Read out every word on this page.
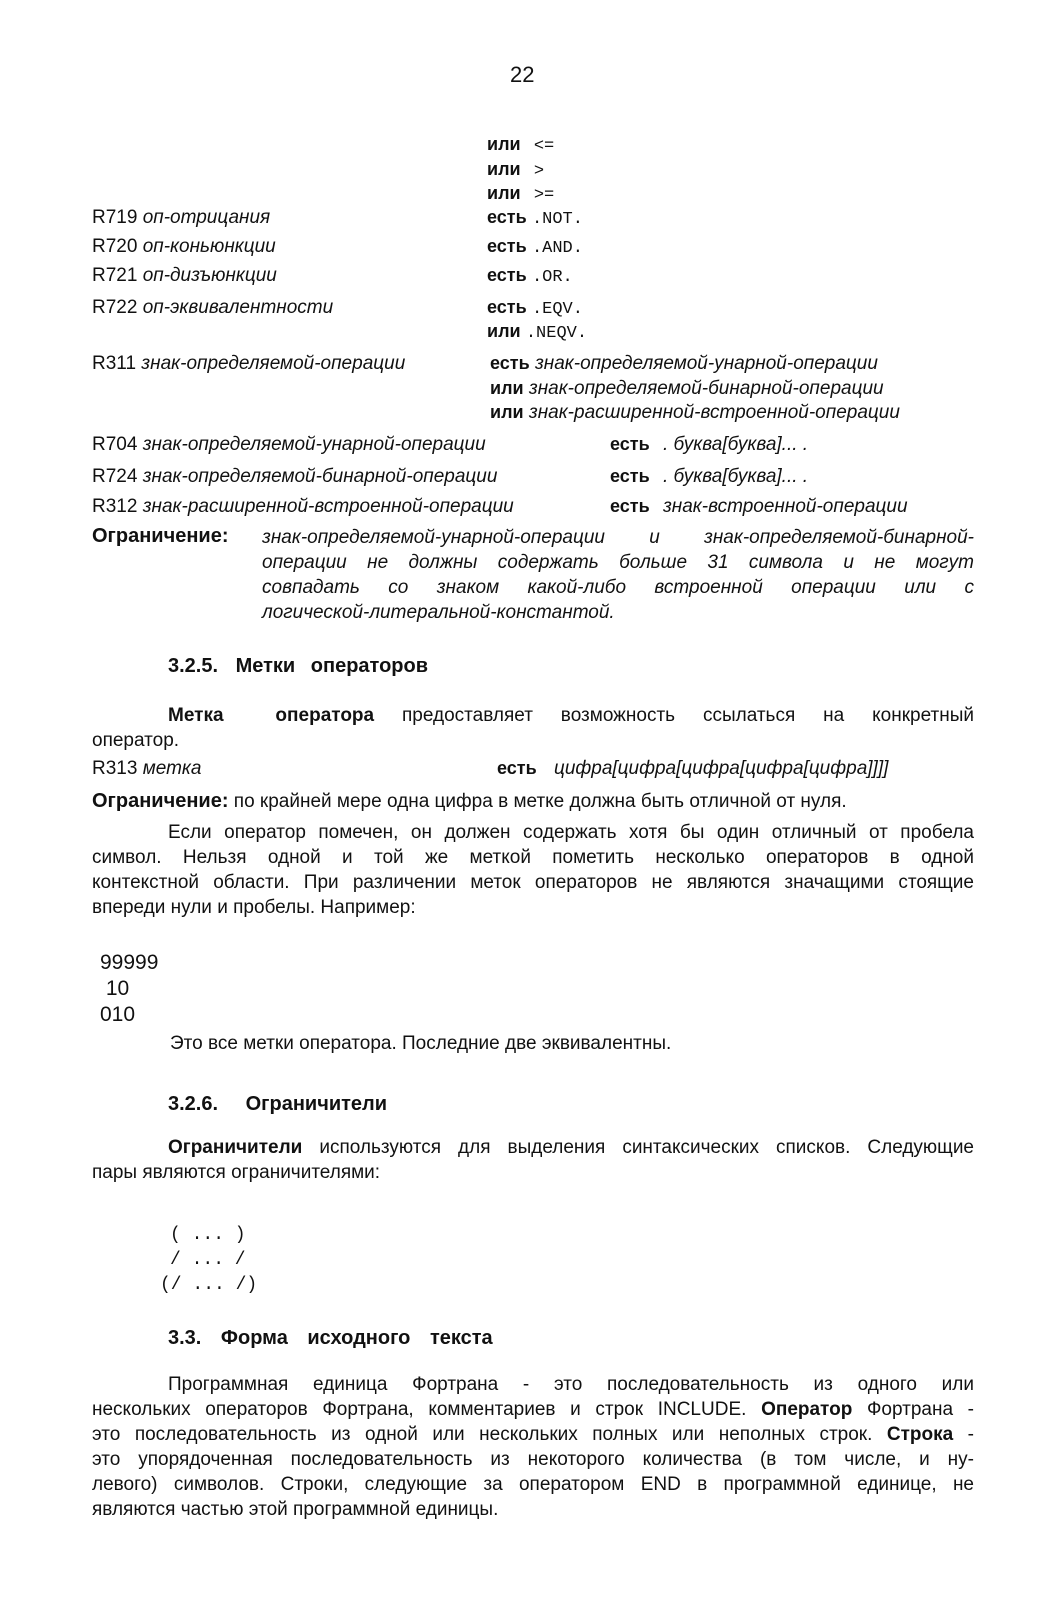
22
или <=
или >
или >=
R719 оп-отрицания	есть .NOT.
R720 оп-коньюнкции	есть .AND.
R721 оп-дизъюнкции	есть .OR.
R722 оп-эквивалентности	есть .EQV.
или .NEQV.
R311 знак-определяемой-операции	есть знак-определяемой-унарной-операции
или знак-определяемой-бинарной-операции
или знак-расширенной-встроенной-операции
R704 знак-определяемой-унарной-операции	есть . буква[буква]... .
R724 знак-определяемой-бинарной-операции	есть . буква[буква]... .
R312 знак-расширенной-встроенной-операции	есть знак-встроенной-операции
Ограничение: знак-определяемой-унарной-операции и знак-определяемой-бинарной-
операции не должны содержать больше 31 символа и не могут
совпадать со знаком какой-либо встроенной операции или с
логической-литеральной-константой.
3.2.5. Метки операторов
Метка оператора предоставляет возможность ссылаться на конкретный
оператор.
R313 метка	есть цифра[цифра[цифра[цифра[цифра]]]]
Ограничение: по крайней мере одна цифра в метке должна быть отличной от нуля.
Если оператор помечен, он должен содержать хотя бы один отличный от пробела
символ. Нельзя одной и той же меткой пометить несколько операторов в одной
контекстной области. При различении меток операторов не являются значащими стоящие
впереди нули и пробелы. Например:
99999
10
010
Это все метки оператора. Последние две эквивалентны.
3.2.6. Ограничители
Ограничители используются для выделения синтаксических списков. Следующие
пары являются ограничителями:
( ... )
/ ... /
(/ ... /)
3.3. Форма исходного текста
Программная единица Фортрана - это последовательность из одного или
нескольких операторов Фортрана, комментариев и строк INCLUDE. Оператор Фортрана -
это последовательность из одной или нескольких полных или неполных строк. Строка -
это упорядоченная последовательность из некоторого количества (в том числе, и ну-
левого) символов. Строки, следующие за оператором END в программной единице, не
являются частью этой программной единицы.
